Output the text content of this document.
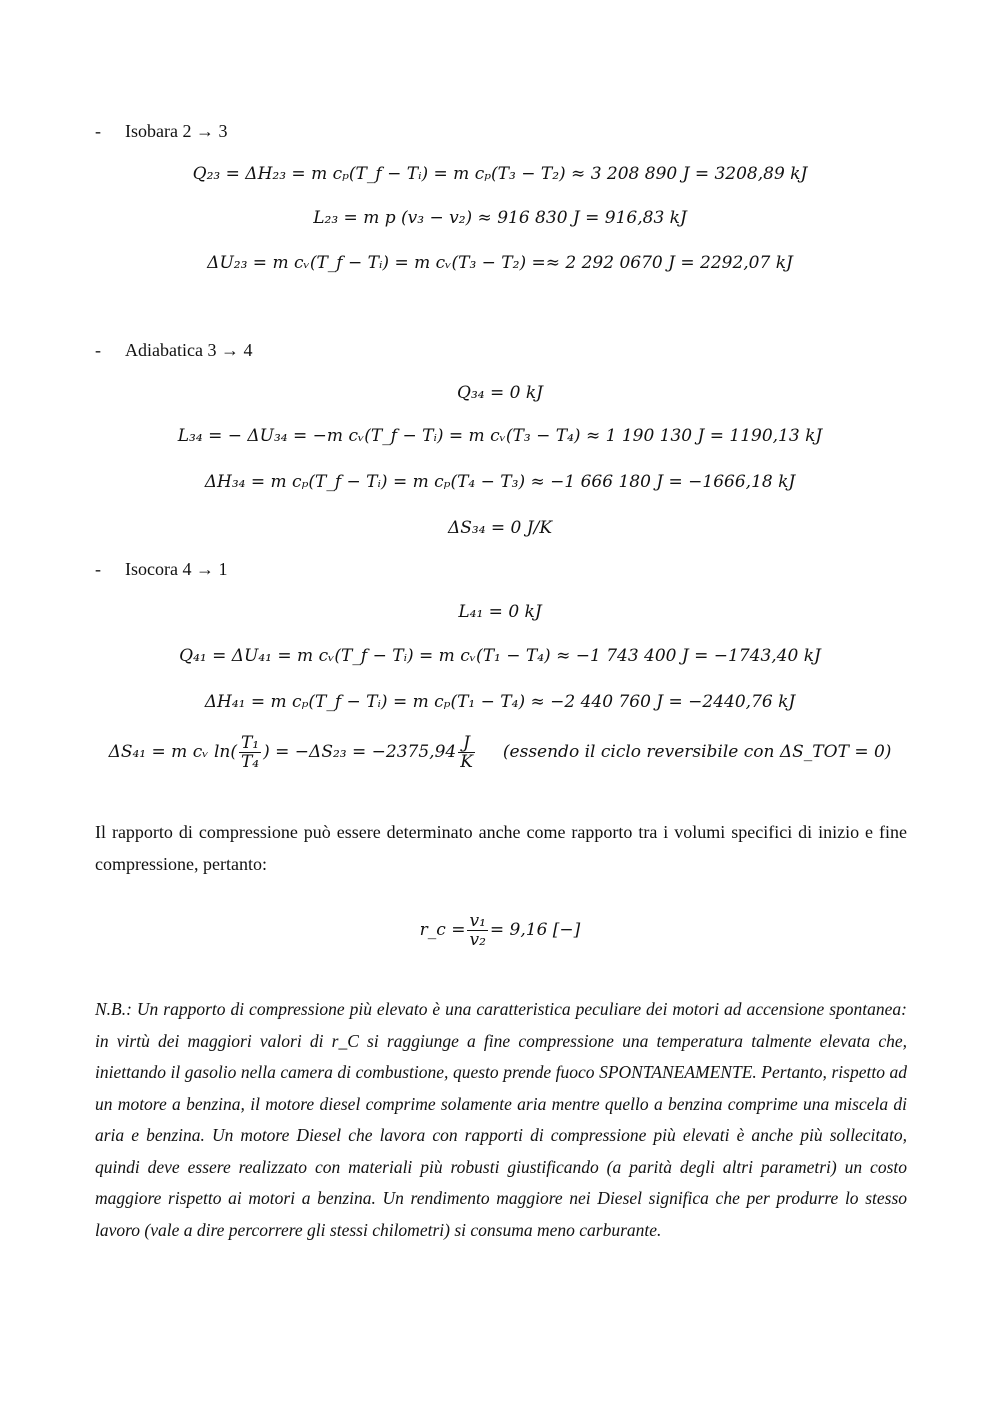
- Isobara 2 → 3
Q₂₃ = ΔH₂₃ = m cₚ(T_f − Tᵢ) = m cₚ(T₃ − T₂) ≈ 3 208 890 J = 3208,89 kJ
L₂₃ = m p (v₃ − v₂) ≈ 916 830 J = 916,83 kJ
ΔU₂₃ = m cᵥ(T_f − Tᵢ) = m cᵥ(T₃ − T₂) =≈ 2 292 0670 J = 2292,07 kJ
- Adiabatica 3 → 4
Q₃₄ = 0 kJ
L₃₄ = − ΔU₃₄ = −m cᵥ(T_f − Tᵢ) = m cᵥ(T₃ − T₄) ≈ 1 190 130 J = 1190,13 kJ
ΔH₃₄ = m cₚ(T_f − Tᵢ) = m cₚ(T₄ − T₃) ≈ −1 666 180 J = −1666,18 kJ
ΔS₃₄ = 0 J/K
- Isocora 4 → 1
L₄₁ = 0 kJ
Q₄₁ = ΔU₄₁ = m cᵥ(T_f − Tᵢ) = m cᵥ(T₁ − T₄) ≈ −1 743 400 J = −1743,40 kJ
ΔH₄₁ = m cₚ(T_f − Tᵢ) = m cₚ(T₁ − T₄) ≈ −2 440 760 J = −2440,76 kJ
ΔS₄₁ = m cᵥ $\ln( \frac{\text{T₁}}{\text{T₄}}$ ) = $-\Delta S_{23} = -2375,94 \frac{J}{K}$ (essendo il ciclo reversibile con ΔS_TOT = 0)
Il rapporto di compressione può essere determinato anche come rapporto tra i volumi specifici di inizio e fine compressione, pertanto:
r_c = $\frac{\text{v₁}}{\text{v₂}} = 9,16$ [−]
N.B.: Un rapporto di compressione più elevato è una caratteristica peculiare dei motori ad accensione spontanea: in virtù dei maggiori valori di r_C si raggiunge a fine compressione una temperatura talmente elevata che, iniettando il gasolio nella camera di combustione, questo prende fuoco SPONTANEAMENTE. Pertanto, rispetto ad un motore a benzina, il motore diesel comprime solamente aria mentre quello a benzina comprime una miscela di aria e benzina. Un motore Diesel che lavora con rapporti di compressione più elevati è anche più sollecitato, quindi deve essere realizzato con materiali più robusti giustificando (a parità degli altri parametri) un costo maggiore rispetto ai motori a benzina. Un rendimento maggiore nei Diesel significa che per produrre lo stesso lavoro (vale a dire percorrere gli stessi chilometri) si consuma meno carburante.
